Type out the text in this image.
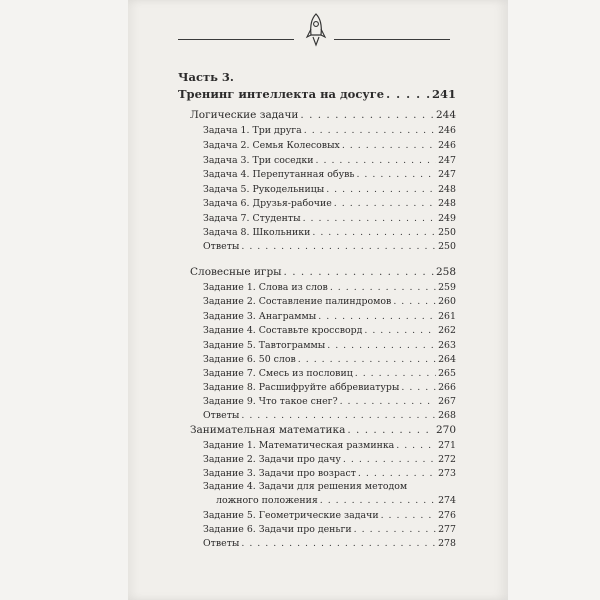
Часть 3.
Тренинг интеллекта на досуге . . .	241
Логические задачи . . .	244
Задача 1. Три друга . . .	246
Задача 2. Семья Колесовых . . .	246
Задача 3. Три соседки . . .	247
Задача 4. Перепутанная обувь . . .	247
Задача 5. Рукодельницы . . .	248
Задача 6. Друзья-рабочие . . .	248
Задача 7. Студенты . . .	249
Задача 8. Школьники . . .	250
Ответы . . .	250
Словесные игры . . .	258
Задание 1. Слова из слов . . .	259
Задание 2. Составление палиндромов . . .	260
Задание 3. Анаграммы . . .	261
Задание 4. Составьте кроссворд . . .	262
Задание 5. Тавтограммы . . .	263
Задание 6. 50 слов . . .	264
Задание 7. Смесь из пословиц . . .	265
Задание 8. Расшифруйте аббревиатуры . . .	266
Задание 9. Что такое снег? . . .	267
Ответы . . .	268
Занимательная математика . . .	270
Задание 1. Математическая разминка . . .	271
Задание 2. Задачи про дачу . . .	272
Задание 3. Задачи про возраст . . .	273
Задание 4. Задачи для решения методом
ложного положения . . .	274
Задание 5. Геометрические задачи . . .	276
Задание 6. Задачи про деньги . . .	277
Ответы . . .	278
